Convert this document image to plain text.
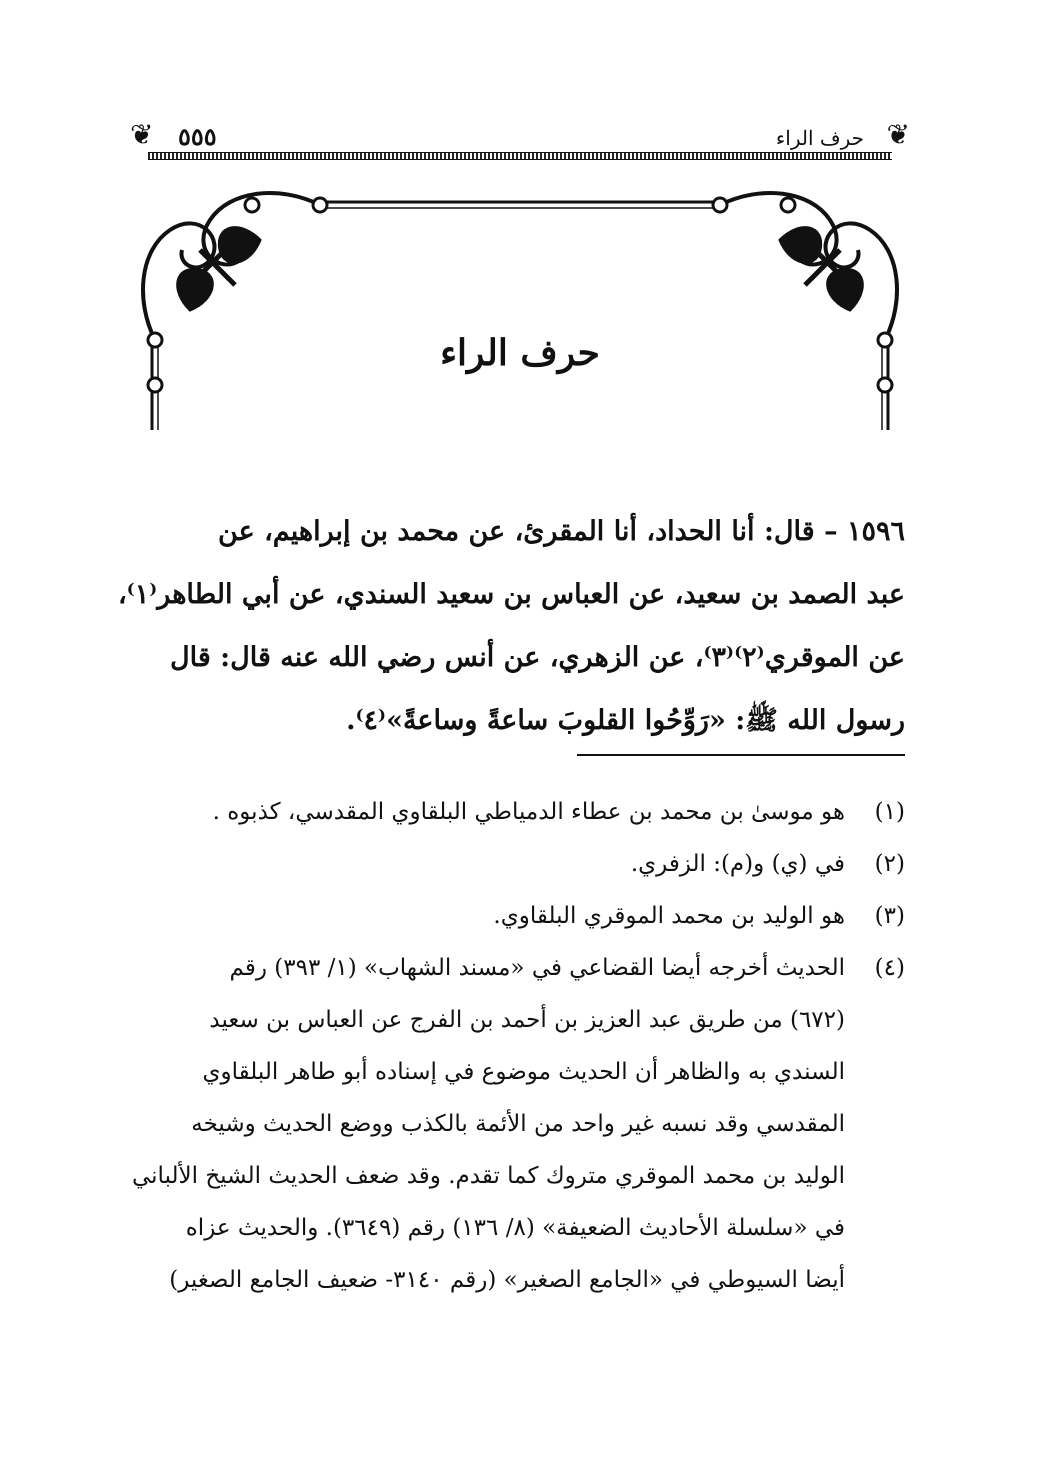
❦ ٥٥٥	حرف الراء ❦
حرف الراء
١٥٩٦ – قال: أنا الحداد، أنا المقرئ، عن محمد بن إبراهيم، عن
عبد الصمد بن سعيد، عن العباس بن سعيد السندي، عن أبي الطاهر⁽١⁾،
عن الموقري⁽٢⁾⁽٣⁾، عن الزهري، عن أنس رضي الله عنه قال: قال
رسول الله ﷺ: «رَوِّحُوا القلوبَ ساعةً وساعةً»⁽٤⁾.
(١)
هو موسىٰ بن محمد بن عطاء الدمياطي البلقاوي المقدسي، كذبوه .
(٢)
في (ي) و(م): الزفري.
(٣)
هو الوليد بن محمد الموقري البلقاوي.
(٤)
الحديث أخرجه أيضا القضاعي في «مسند الشهاب» (١/ ٣٩٣) رقم
(٦٧٢) من طريق عبد العزيز بن أحمد بن الفرج عن العباس بن سعيد
السندي به والظاهر أن الحديث موضوع في إسناده أبو طاهر البلقاوي
المقدسي وقد نسبه غير واحد من الأئمة بالكذب ووضع الحديث وشيخه
الوليد بن محمد الموقري متروك كما تقدم. وقد ضعف الحديث الشيخ الألباني
في «سلسلة الأحاديث الضعيفة» (٨/ ١٣٦) رقم (٣٦٤٩). والحديث عزاه
أيضا السيوطي في «الجامع الصغير» (رقم ٣١٤٠- ضعيف الجامع الصغير)
